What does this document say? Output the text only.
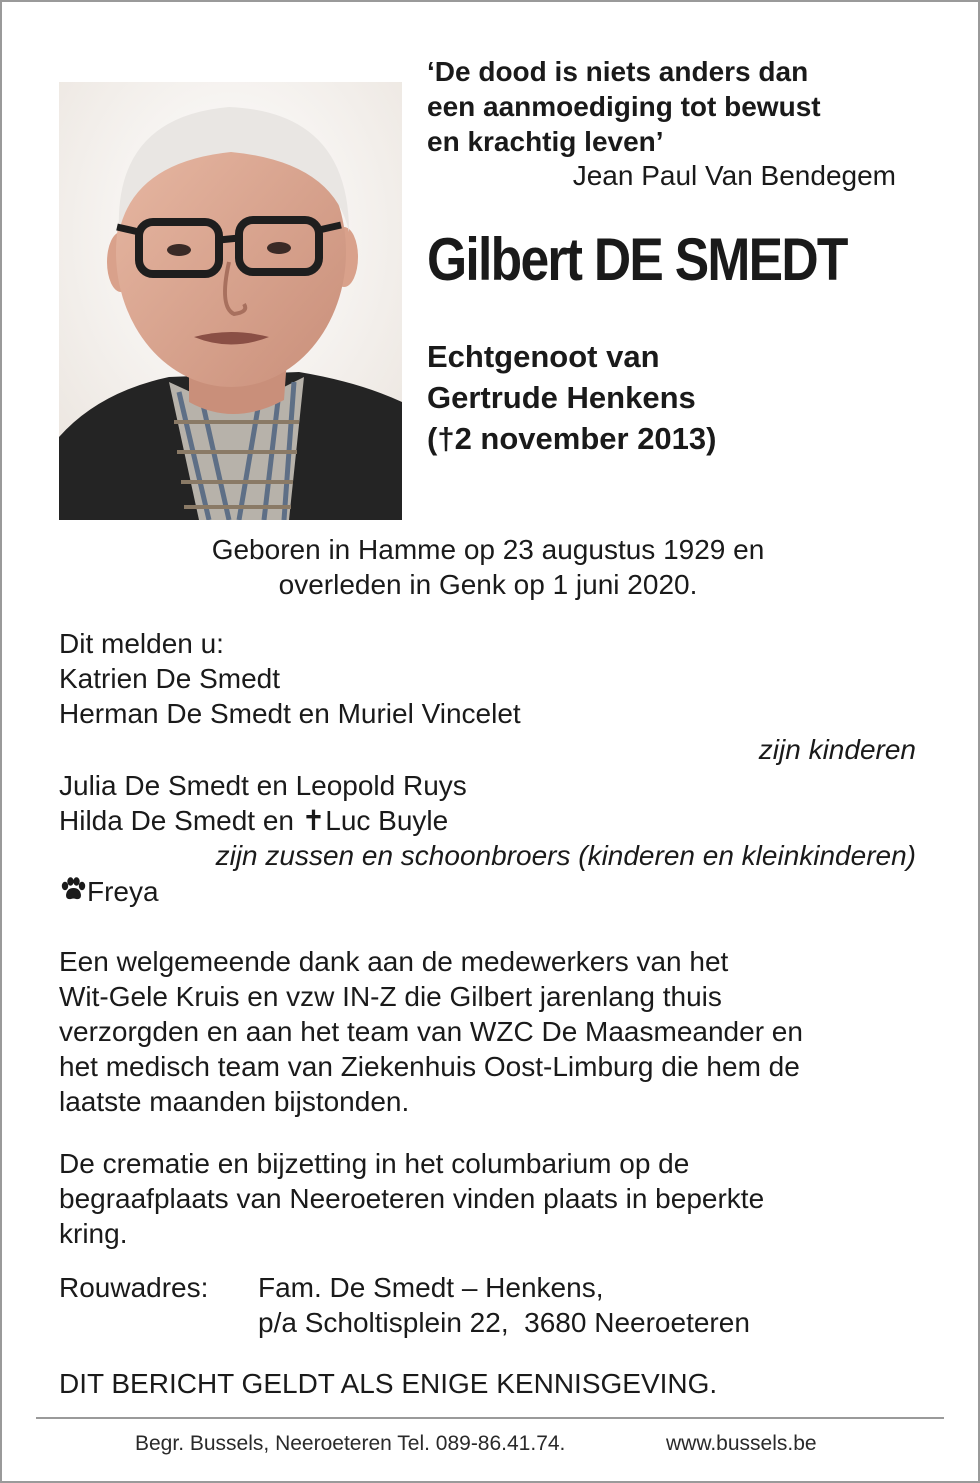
‘De dood is niets anders dan
een aanmoediging tot bewust
en krachtig leven’
Jean Paul Van Bendegem
Gilbert DE SMEDT
Echtgenoot van
Gertrude Henkens
(†2 november 2013)
Geboren in Hamme op 23 augustus 1929 en
overleden in Genk op 1 juni 2020.
Dit melden u:
Katrien De Smedt
Herman De Smedt en Muriel Vincelet
zijn kinderen
Julia De Smedt en Leopold Ruys
Hilda De Smedt en ✝Luc Buyle
zijn zussen en schoonbroers (kinderen en kleinkinderen)
Freya
Een welgemeende dank aan de medewerkers van het
Wit-Gele Kruis en vzw IN-Z die Gilbert jarenlang thuis
verzorgden en aan het team van WZC De Maasmeander en
het medisch team van Ziekenhuis Oost-Limburg die hem de
laatste maanden bijstonden.
De crematie en bijzetting in het columbarium op de
begraafplaats van Neeroeteren vinden plaats in beperkte
kring.
Rouwadres: Fam. De Smedt – Henkens,
p/a Scholtisplein 22,  3680 Neeroeteren
DIT BERICHT GELDT ALS ENIGE KENNISGEVING.
Begr. Bussels, Neeroeteren Tel. 089-86.41.74.	www.bussels.be
